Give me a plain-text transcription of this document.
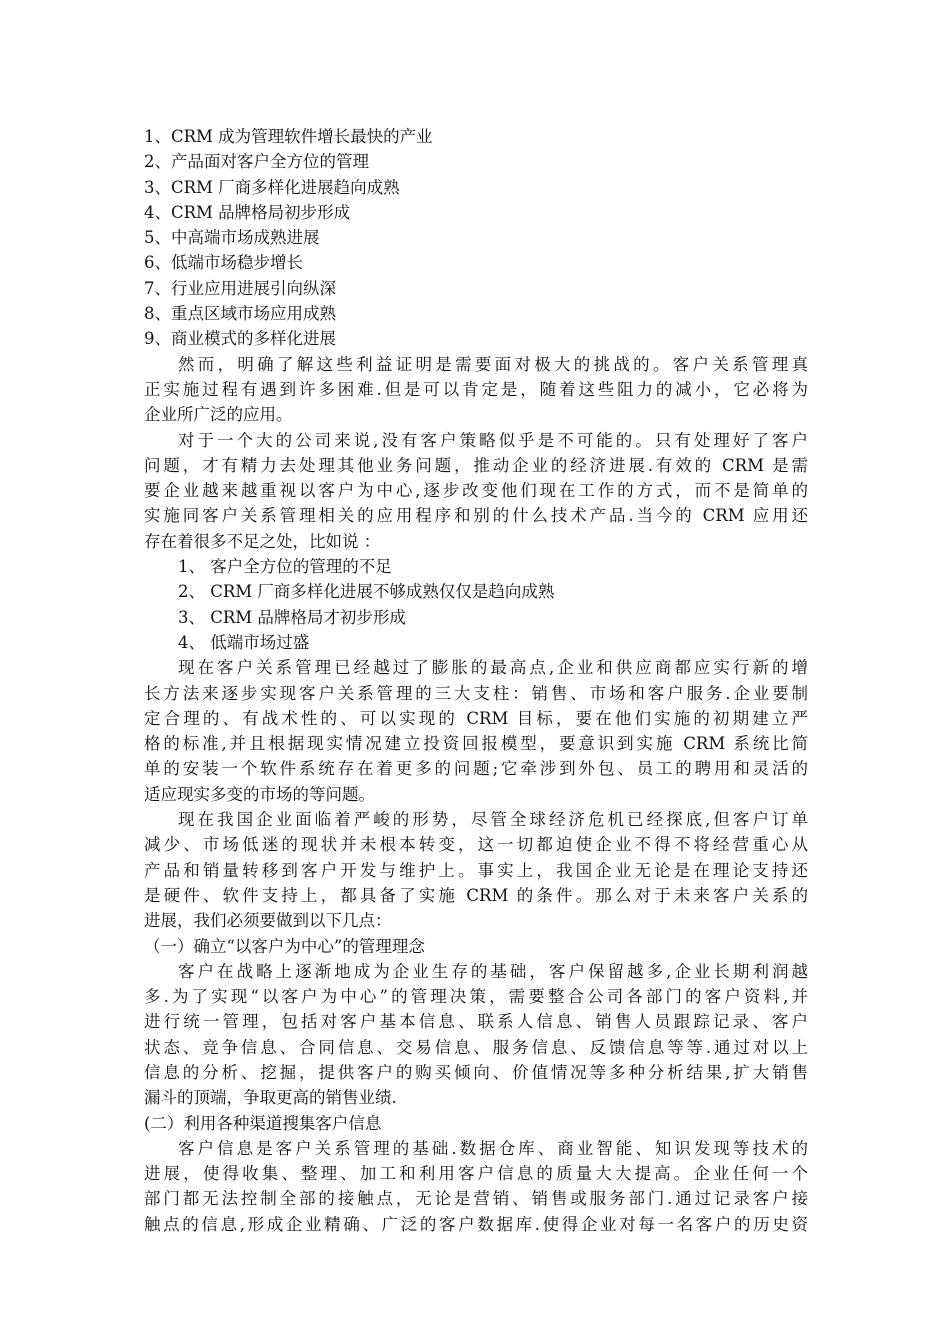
1、CRM 成为管理软件增长最快的产业
2、产品面对客户全方位的管理
3、CRM 厂商多样化进展趋向成熟
4、CRM 品牌格局初步形成
5、中高端市场成熟进展
6、低端市场稳步增长
7、行业应用进展引向纵深
8、重点区域市场应用成熟
9、商业模式的多样化进展
然而，明确了解这些利益证明是需要面对极大的挑战的。客户关系管理真
正实施过程有遇到许多困难.但是可以肯定是，随着这些阻力的减小，它必将为
企业所广泛的应用。
对于一个大的公司来说,没有客户策略似乎是不可能的。只有处理好了客户
问题，才有精力去处理其他业务问题，推动企业的经济进展.有效的 CRM 是需
要企业越来越重视以客户为中心,逐步改变他们现在工作的方式，而不是简单的
实施同客户关系管理相关的应用程序和别的什么技术产品.当今的 CRM 应用还
存在着很多不足之处，比如说 ：
1、 客户全方位的管理的不足
2、 CRM 厂商多样化进展不够成熟仅仅是趋向成熟
3、 CRM 品牌格局才初步形成
4、 低端市场过盛
现在客户关系管理已经越过了膨胀的最高点,企业和供应商都应实行新的增
长方法来逐步实现客户关系管理的三大支柱：销售、市场和客户服务.企业要制
定合理的、有战术性的、可以实现的 CRM 目标，要在他们实施的初期建立严
格的标准,并且根据现实情况建立投资回报模型，要意识到实施 CRM 系统比简
单的安装一个软件系统存在着更多的问题;它牵涉到外包、员工的聘用和灵活的
适应现实多变的市场的等问题。
现在我国企业面临着严峻的形势，尽管全球经济危机已经探底,但客户订单
减少、市场低迷的现状并未根本转变，这一切都迫使企业不得不将经营重心从
产品和销量转移到客户开发与维护上。事实上，我国企业无论是在理论支持还
是硬件、软件支持上，都具备了实施 CRM 的条件。那么对于未来客户关系的
进展，我们必须要做到以下几点：
（一）确立“以客户为中心”的管理理念
客户在战略上逐渐地成为企业生存的基础，客户保留越多,企业长期利润越
多.为了实现“以客户为中心”的管理决策，需要整合公司各部门的客户资料,并
进行统一管理，包括对客户基本信息、联系人信息、销售人员跟踪记录、客户
状态、竞争信息、合同信息、交易信息、服务信息、反馈信息等等.通过对以上
信息的分析、挖掘，提供客户的购买倾向、价值情况等多种分析结果,扩大销售
漏斗的顶端，争取更高的销售业绩.
(二）利用各种渠道搜集客户信息
客户信息是客户关系管理的基础.数据仓库、商业智能、知识发现等技术的
进展，使得收集、整理、加工和利用客户信息的质量大大提高。企业任何一个
部门都无法控制全部的接触点，无论是营销、销售或服务部门.通过记录客户接
触点的信息,形成企业精确、广泛的客户数据库.使得企业对每一名客户的历史资
